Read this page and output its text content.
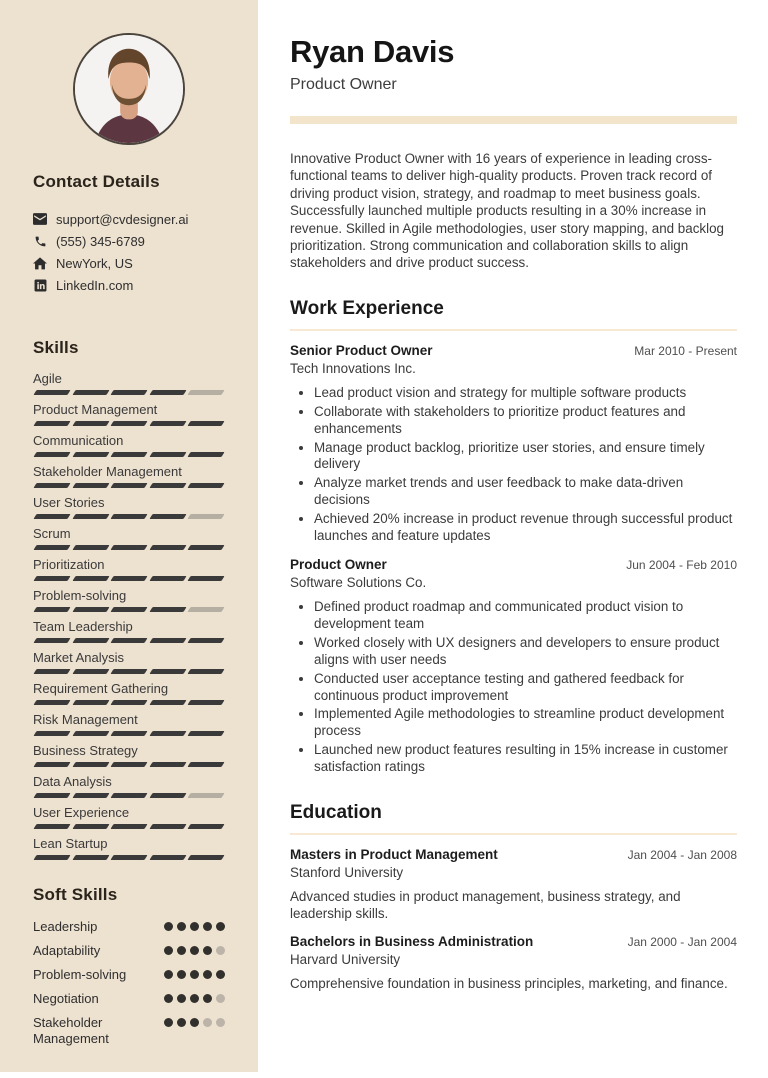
Contact Details
support@cvdesigner.ai
(555) 345-6789
NewYork, US
LinkedIn.com
Skills
Agile
Product Management
Communication
Stakeholder Management
User Stories
Scrum
Prioritization
Problem-solving
Team Leadership
Market Analysis
Requirement Gathering
Risk Management
Business Strategy
Data Analysis
User Experience
Lean Startup
Soft Skills
Leadership
Adaptability
Problem-solving
Negotiation
Stakeholder Management
Ryan Davis
Product Owner

Innovative Product Owner with 16 years of experience in leading cross-functional teams to deliver high-quality products. Proven track record of driving product vision, strategy, and roadmap to meet business goals. Successfully launched multiple products resulting in a 30% increase in revenue. Skilled in Agile methodologies, user story mapping, and backlog prioritization. Strong communication and collaboration skills to align stakeholders and drive product success.

Work Experience
Senior Product Owner	Mar 2010 - Present
Tech Innovations Inc.
• Lead product vision and strategy for multiple software products
• Collaborate with stakeholders to prioritize product features and enhancements
• Manage product backlog, prioritize user stories, and ensure timely delivery
• Analyze market trends and user feedback to make data-driven decisions
• Achieved 20% increase in product revenue through successful product launches and feature updates
Product Owner	Jun 2004 - Feb 2010
Software Solutions Co.
• Defined product roadmap and communicated product vision to development team
• Worked closely with UX designers and developers to ensure product aligns with user needs
• Conducted user acceptance testing and gathered feedback for continuous product improvement
• Implemented Agile methodologies to streamline product development process
• Launched new product features resulting in 15% increase in customer satisfaction ratings
Education
Masters in Product Management	Jan 2004 - Jan 2008
Stanford University
Advanced studies in product management, business strategy, and leadership skills.
Bachelors in Business Administration	Jan 2000 - Jan 2004
Harvard University
Comprehensive foundation in business principles, marketing, and finance.
